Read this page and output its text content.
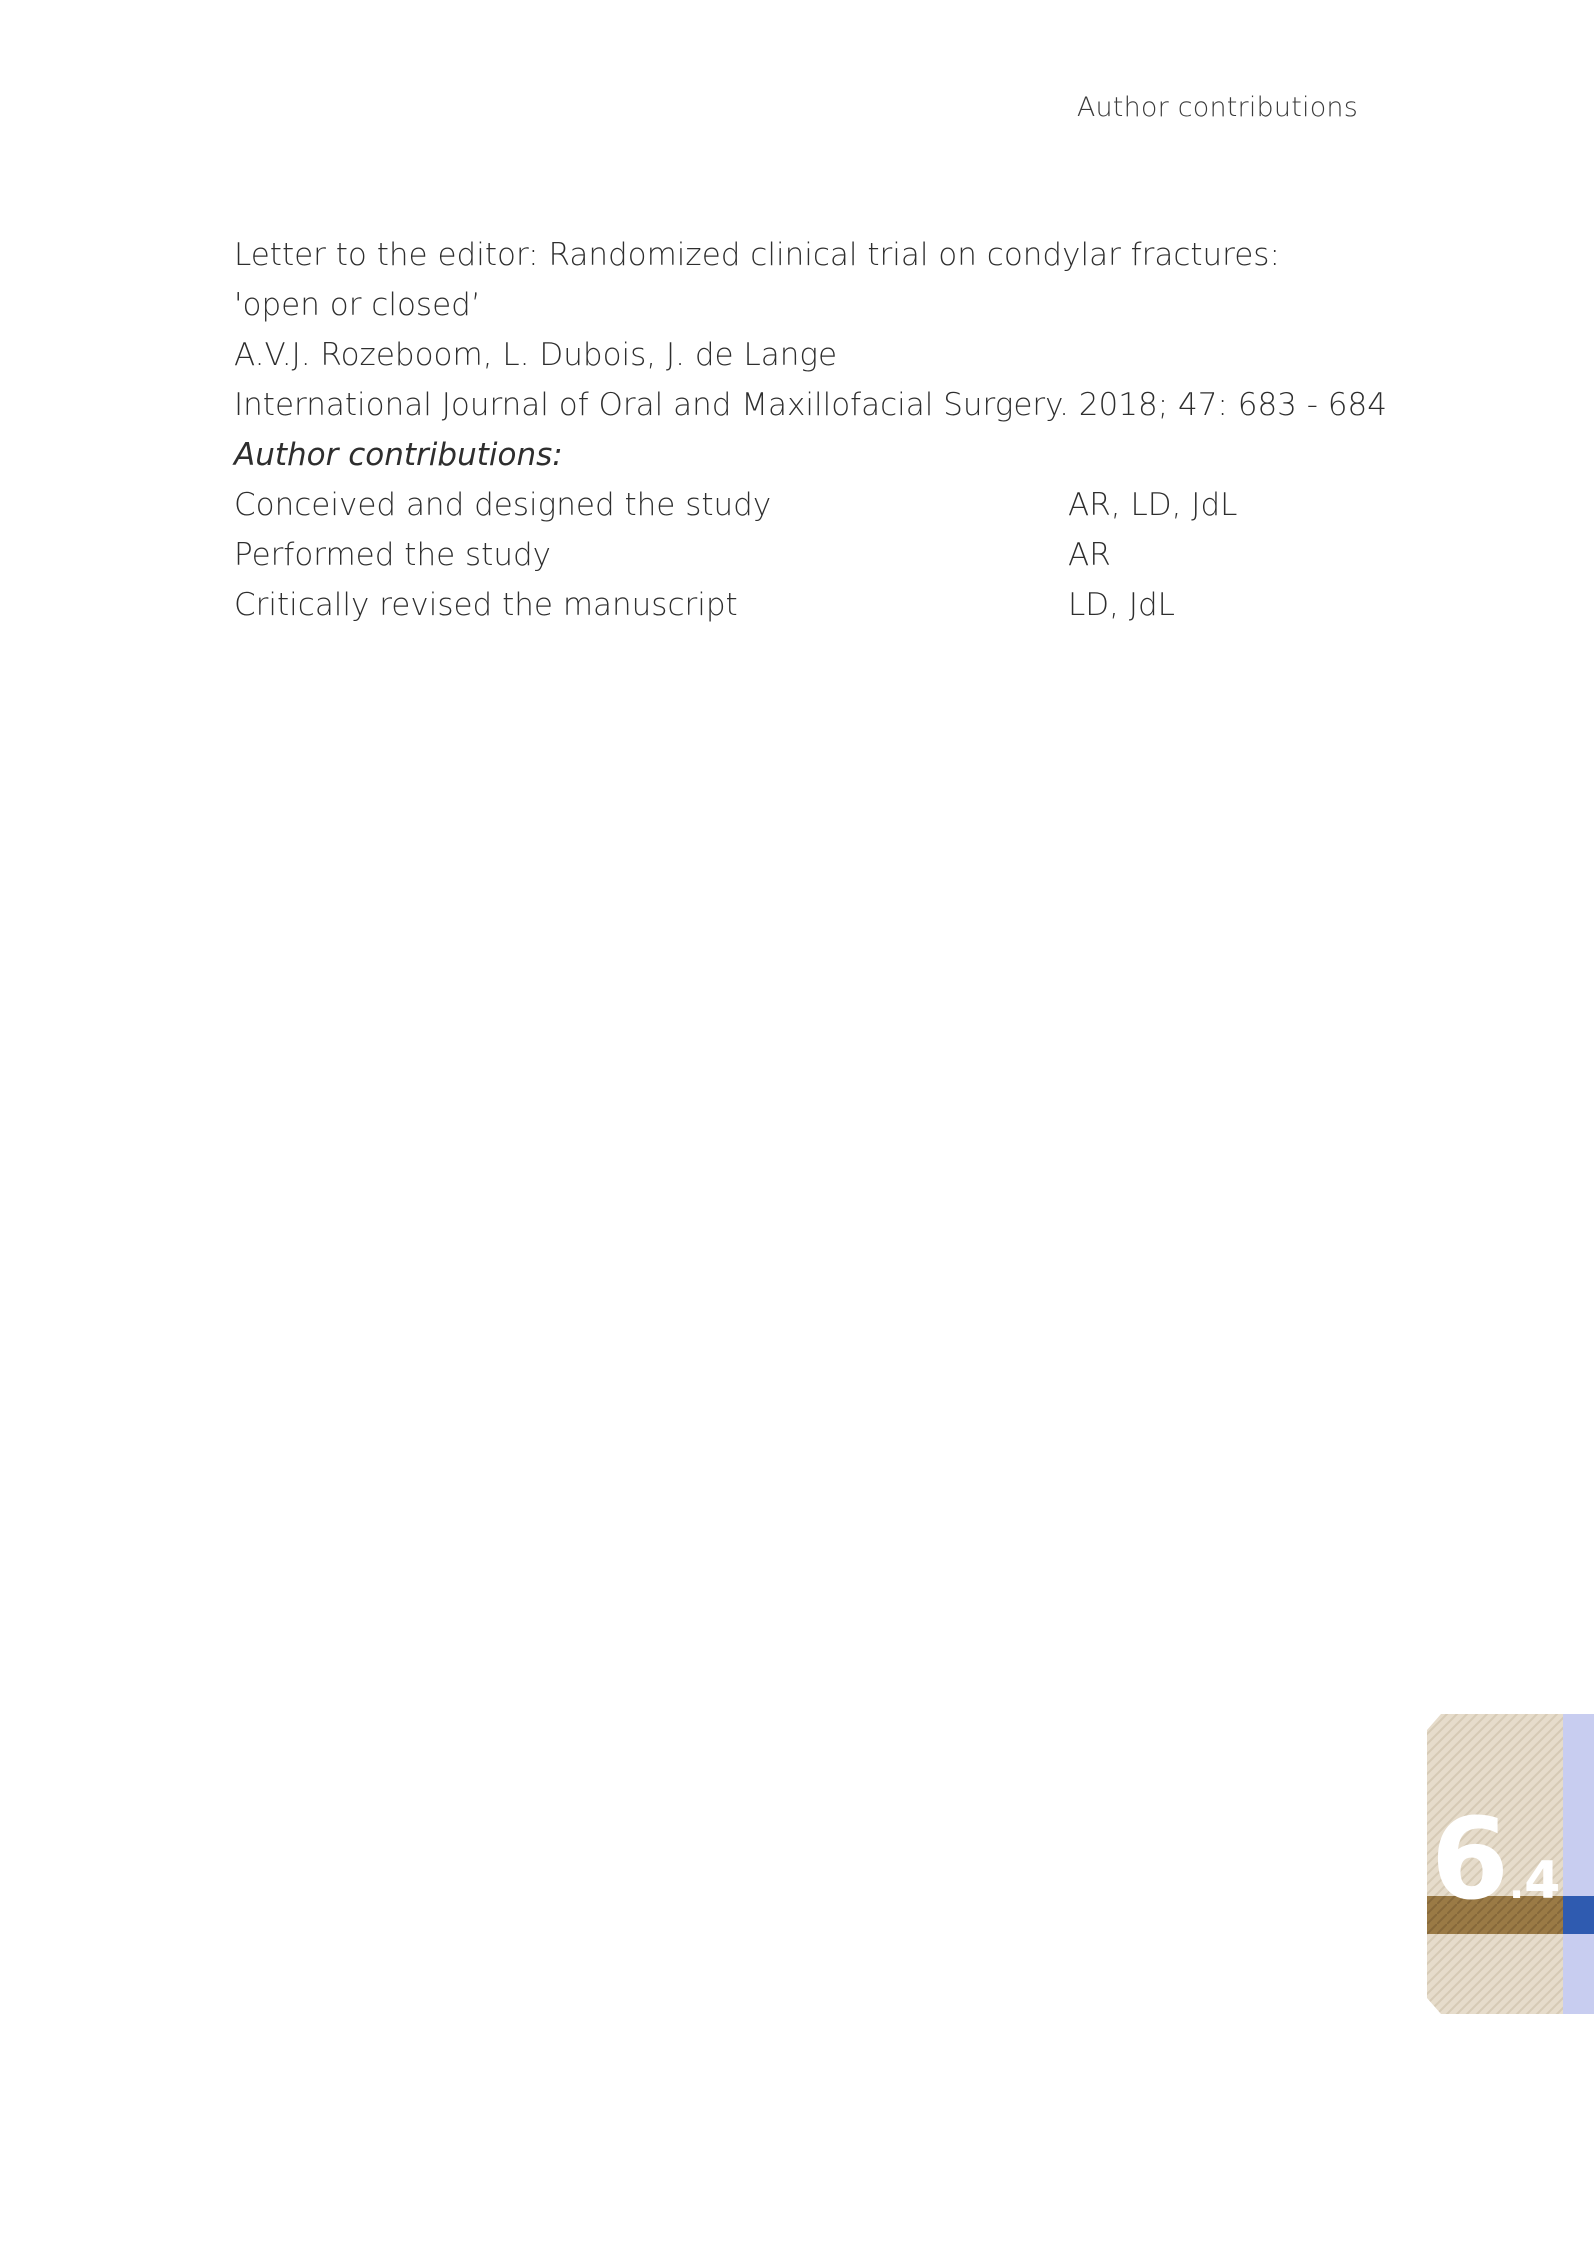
Author contributions
Letter to the editor: Randomized clinical trial on condylar fractures:
'open or closed’
A.V.J. Rozeboom, L. Dubois, J. de Lange
International Journal of Oral and Maxillofacial Surgery. 2018; 47: 683 - 684
Author contributions:
Conceived and designed the study	AR, LD, JdL
Performed the study	AR
Critically revised the manuscript	LD, JdL
6.4
